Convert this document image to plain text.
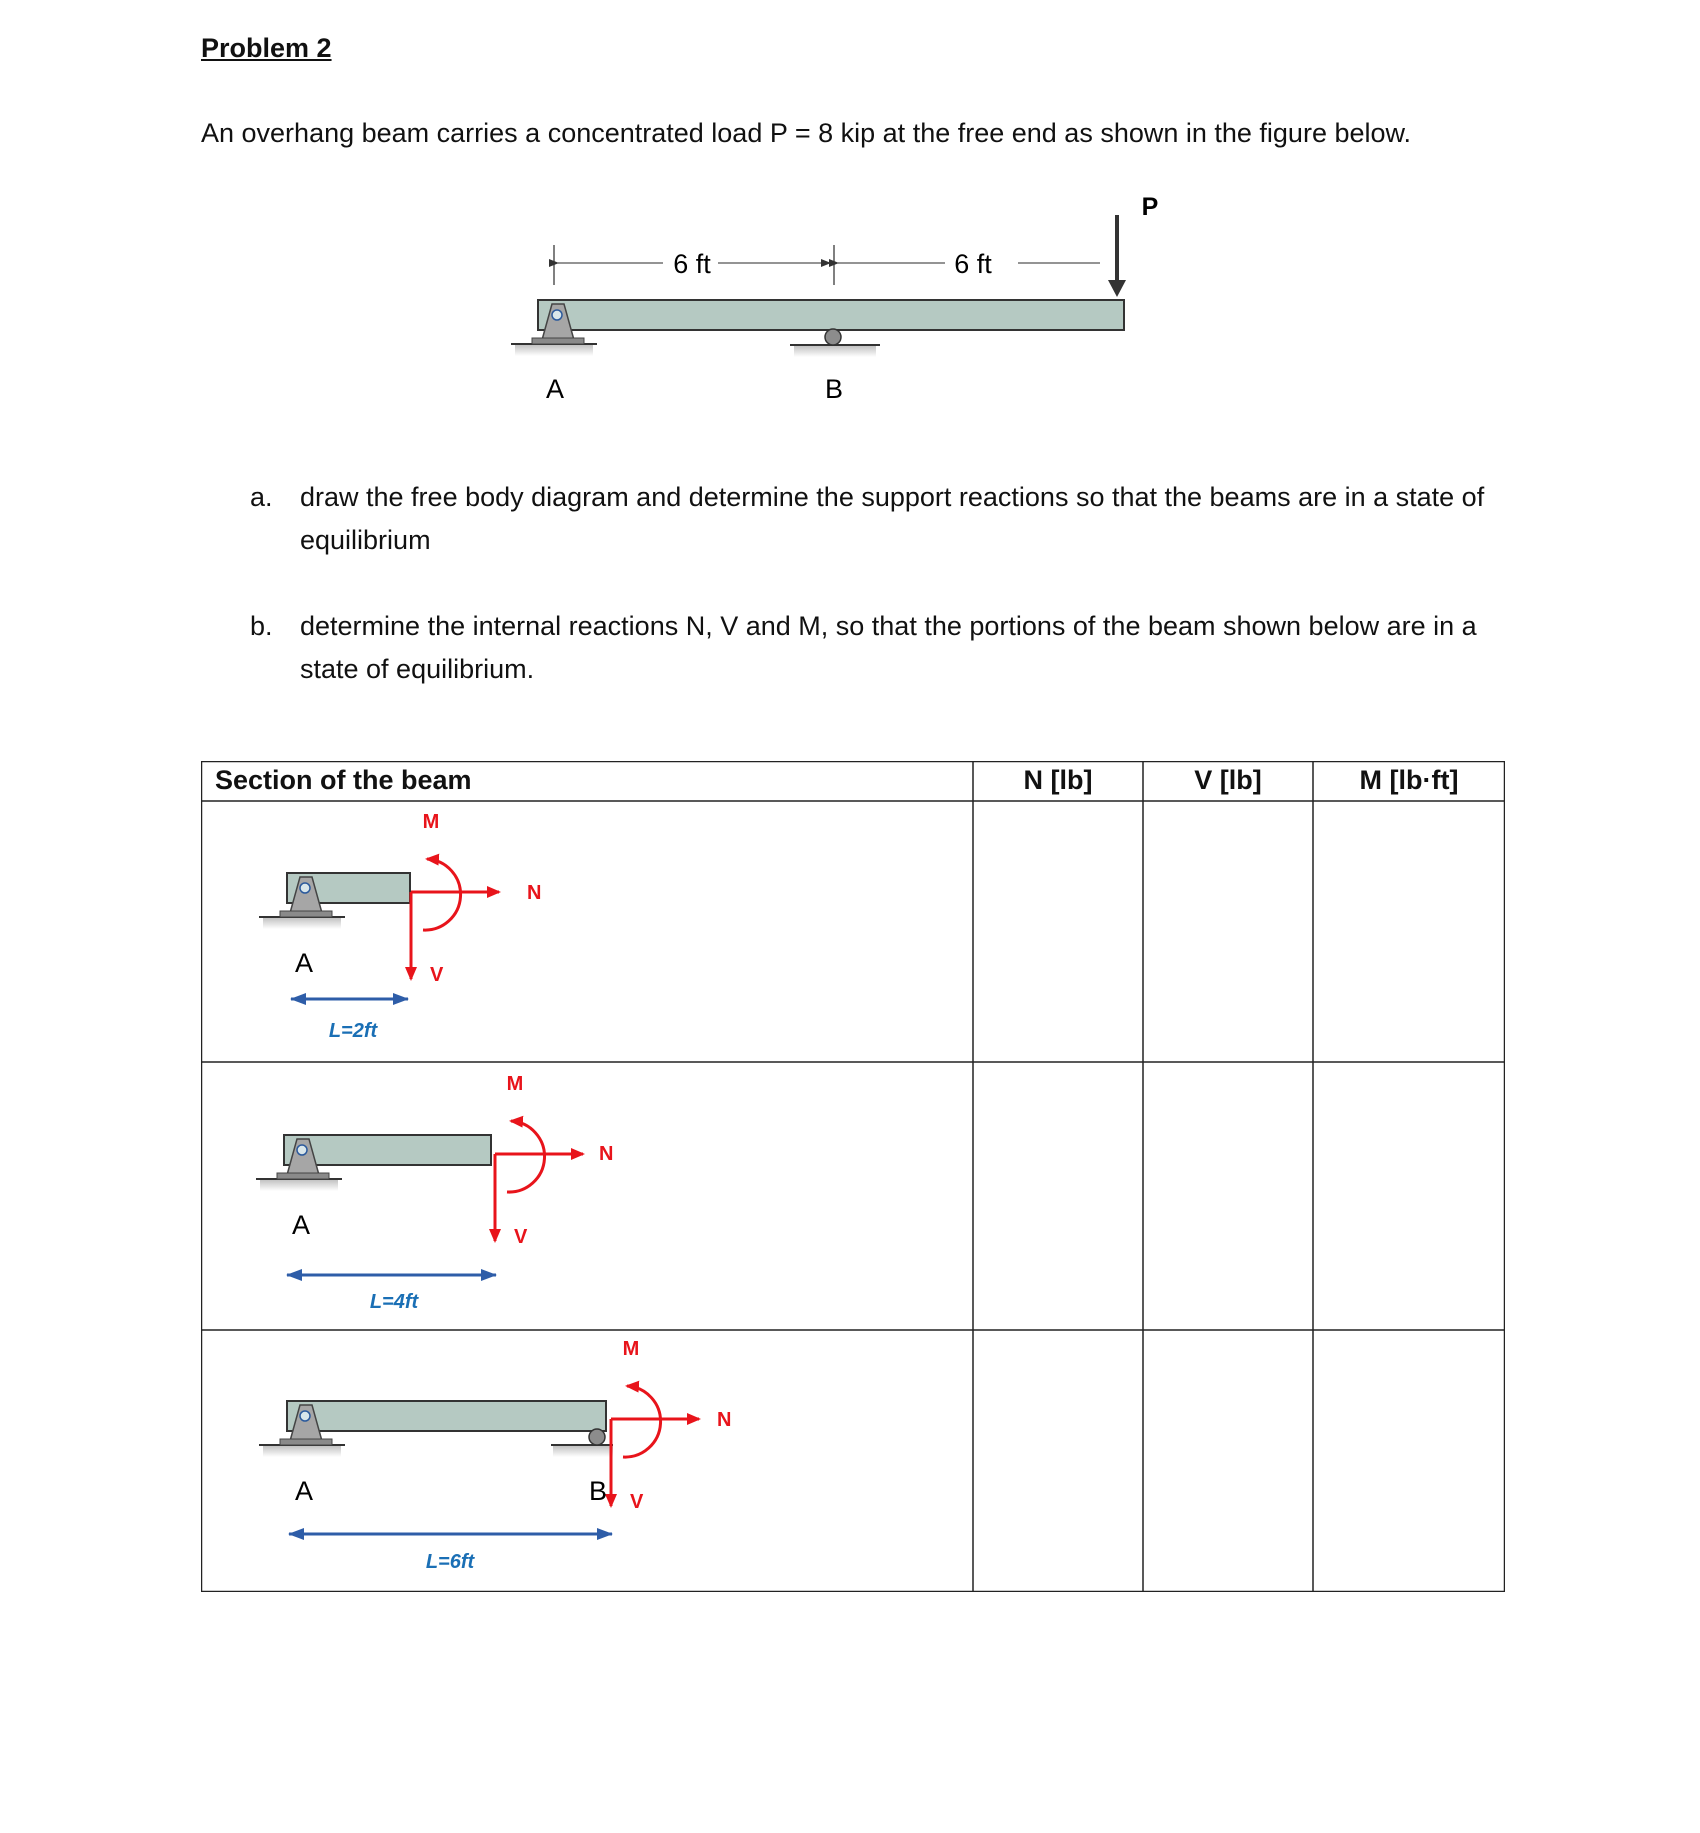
Problem 2
An overhang beam carries a concentrated load P = 8 kip at the free end as shown in the figure below.
6 ft	6 ft
P
A	B
a. draw the free body diagram and determine the support reactions so that the beams are in a state of equilibrium
b. determine the internal reactions N, V and M, so that the portions of the beam shown below are in a state of equilibrium.
Section of the beam	N [lb]	V [lb]	M [lb·ft]
M
N
V
A
L=2ft
M
N
V
A
L=4ft
M
N
V
A	B
L=6ft
